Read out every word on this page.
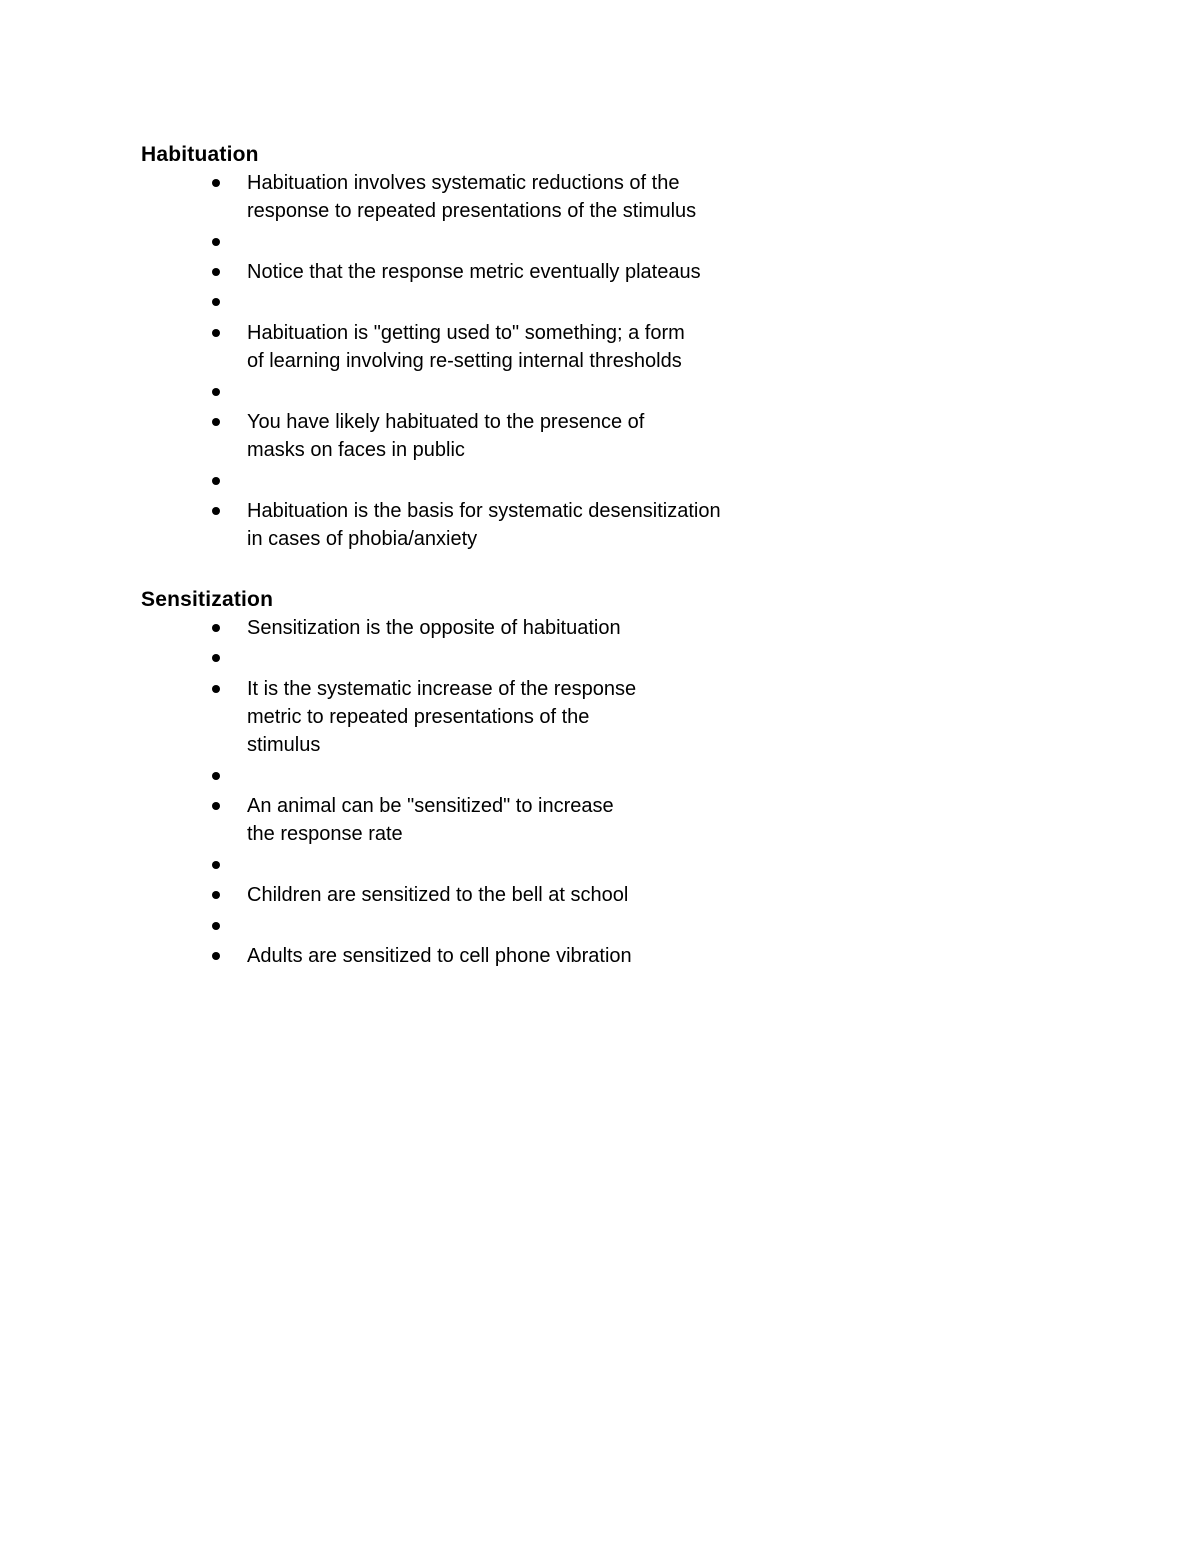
Habituation
Habituation involves systematic reductions of the
response to repeated presentations of the stimulus
Notice that the response metric eventually plateaus
Habituation is "getting used to" something; a form
of learning involving re-setting internal thresholds
You have likely habituated to the presence of
masks on faces in public
Habituation is the basis for systematic desensitization
in cases of phobia/anxiety
Sensitization
Sensitization is the opposite of habituation
It is the systematic increase of the response
metric to repeated presentations of the
stimulus
An animal can be "sensitized" to increase
the response rate
Children are sensitized to the bell at school
Adults are sensitized to cell phone vibration
